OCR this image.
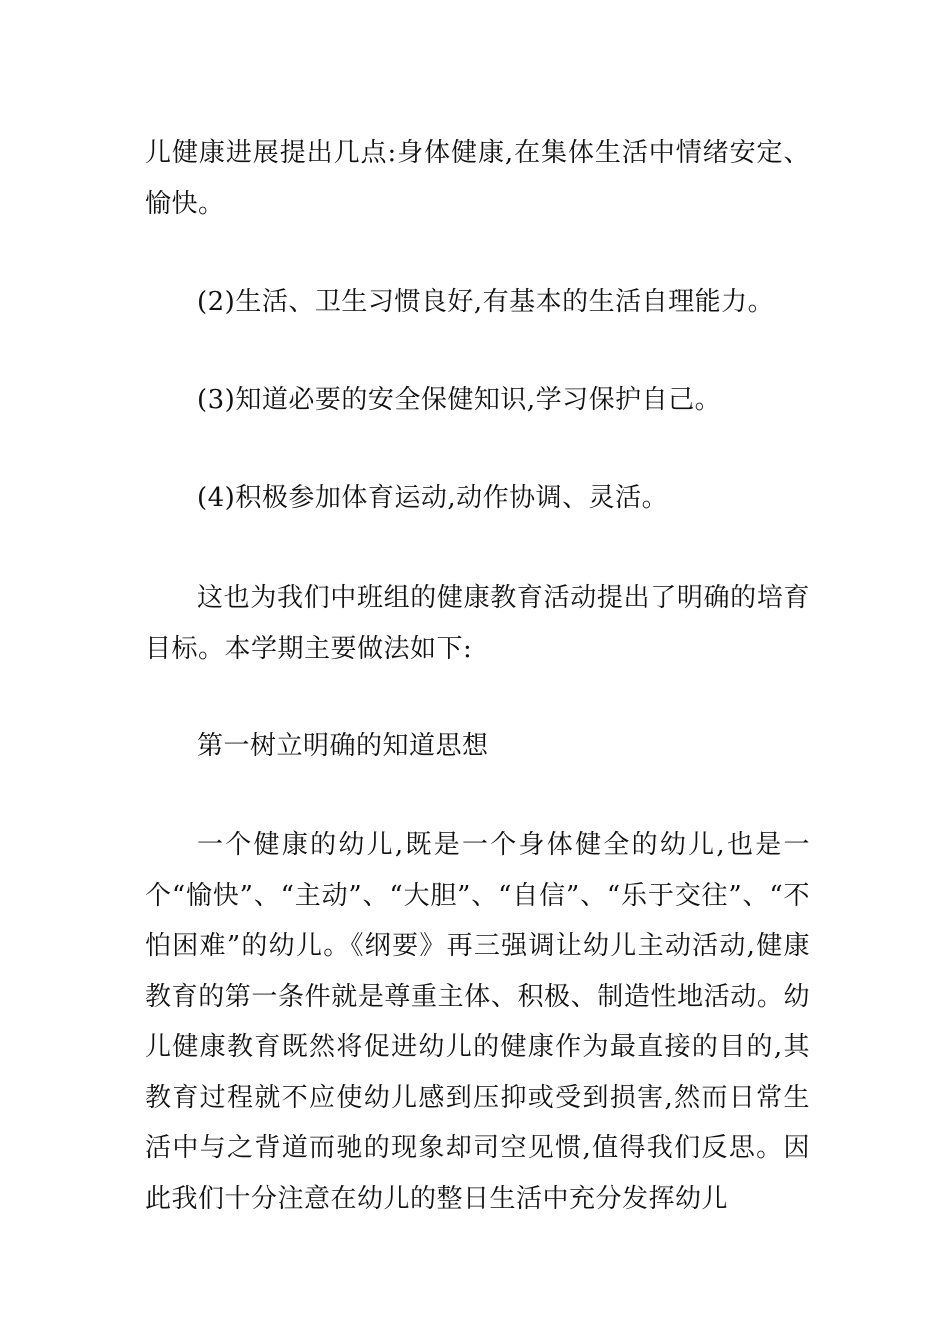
儿健康进展提出几点:身体健康,在集体生活中情绪安定、愉快。

(2)生活、卫生习惯良好,有基本的生活自理能力。

(3)知道必要的安全保健知识,学习保护自己。

(4)积极参加体育运动,动作协调、灵活。

这也为我们中班组的健康教育活动提出了明确的培育目标。本学期主要做法如下:

第一树立明确的知道思想

一个健康的幼儿,既是一个身体健全的幼儿,也是一个“愉快”、“主动”、“大胆”、“自信”、“乐于交往”、“不怕困难”的幼儿。《纲要》再三强调让幼儿主动活动,健康教育的第一条件就是尊重主体、积极、制造性地活动。幼儿健康教育既然将促进幼儿的健康作为最直接的目的,其教育过程就不应使幼儿感到压抑或受到损害,然而日常生活中与之背道而驰的现象却司空见惯,值得我们反思。因此我们十分注意在幼儿的整日生活中充分发挥幼儿
